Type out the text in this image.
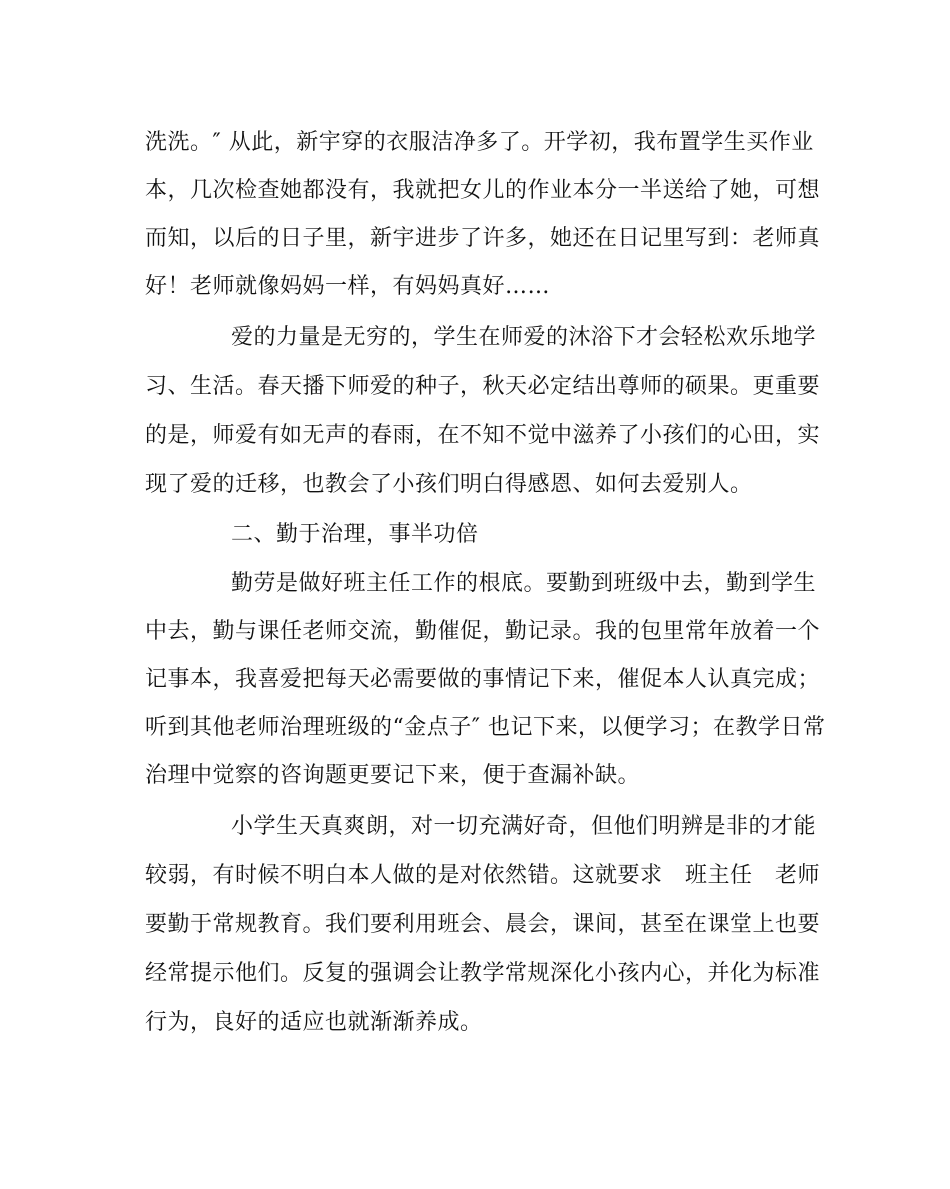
洗洗。″ 从此，新宇穿的衣服洁净多了。开学初，我布置学生买作业
本，几次检查她都没有，我就把女儿的作业本分一半送给了她，可想
而知，以后的日子里，新宇进步了许多，她还在日记里写到：老师真
好！老师就像妈妈一样，有妈妈真好……
爱的力量是无穷的，学生在师爱的沐浴下才会轻松欢乐地学
习、生活。春天播下师爱的种子，秋天必定结出尊师的硕果。更重要
的是，师爱有如无声的春雨，在不知不觉中滋养了小孩们的心田，实
现了爱的迁移，也教会了小孩们明白得感恩、如何去爱别人。
二、勤于治理，事半功倍
勤劳是做好班主任工作的根底。要勤到班级中去，勤到学生
中去，勤与课任老师交流，勤催促，勤记录。我的包里常年放着一个
记事本，我喜爱把每天必需要做的事情记下来，催促本人认真完成；
听到其他老师治理班级的“金点子″ 也记下来，以便学习；在教学日常
治理中觉察的咨询题更要记下来，便于查漏补缺。
小学生天真爽朗，对一切充满好奇，但他们明辨是非的才能
较弱，有时候不明白本人做的是对依然错。这就要求　班主任　老师
要勤于常规教育。我们要利用班会、晨会，课间，甚至在课堂上也要
经常提示他们。反复的强调会让教学常规深化小孩内心，并化为标准
行为，良好的适应也就渐渐养成。
